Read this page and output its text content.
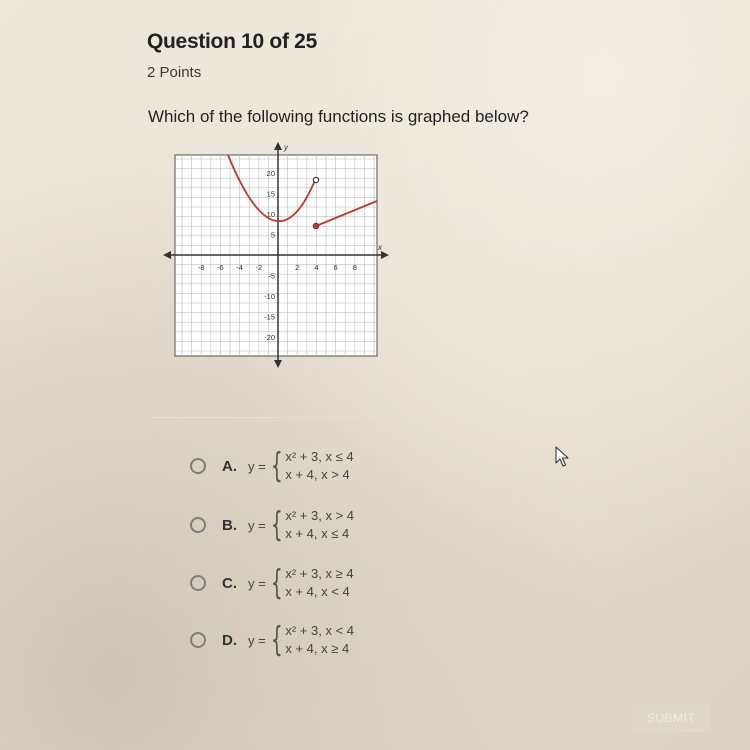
Question 10 of 25
2 Points
Which of the following functions is graphed below?
x
y
-8 -6 -4 -2	2 4 6 8
20
15
10
5
-5
-10
-15
-20
A. y = { x² + 3, x ≤ 4
x + 4, x > 4
B. y = { x² + 3, x > 4
x + 4, x ≤ 4
C. y = { x² + 3, x ≥ 4
x + 4, x < 4
D. y = { x² + 3, x < 4
x + 4, x ≥ 4
SUBMIT
